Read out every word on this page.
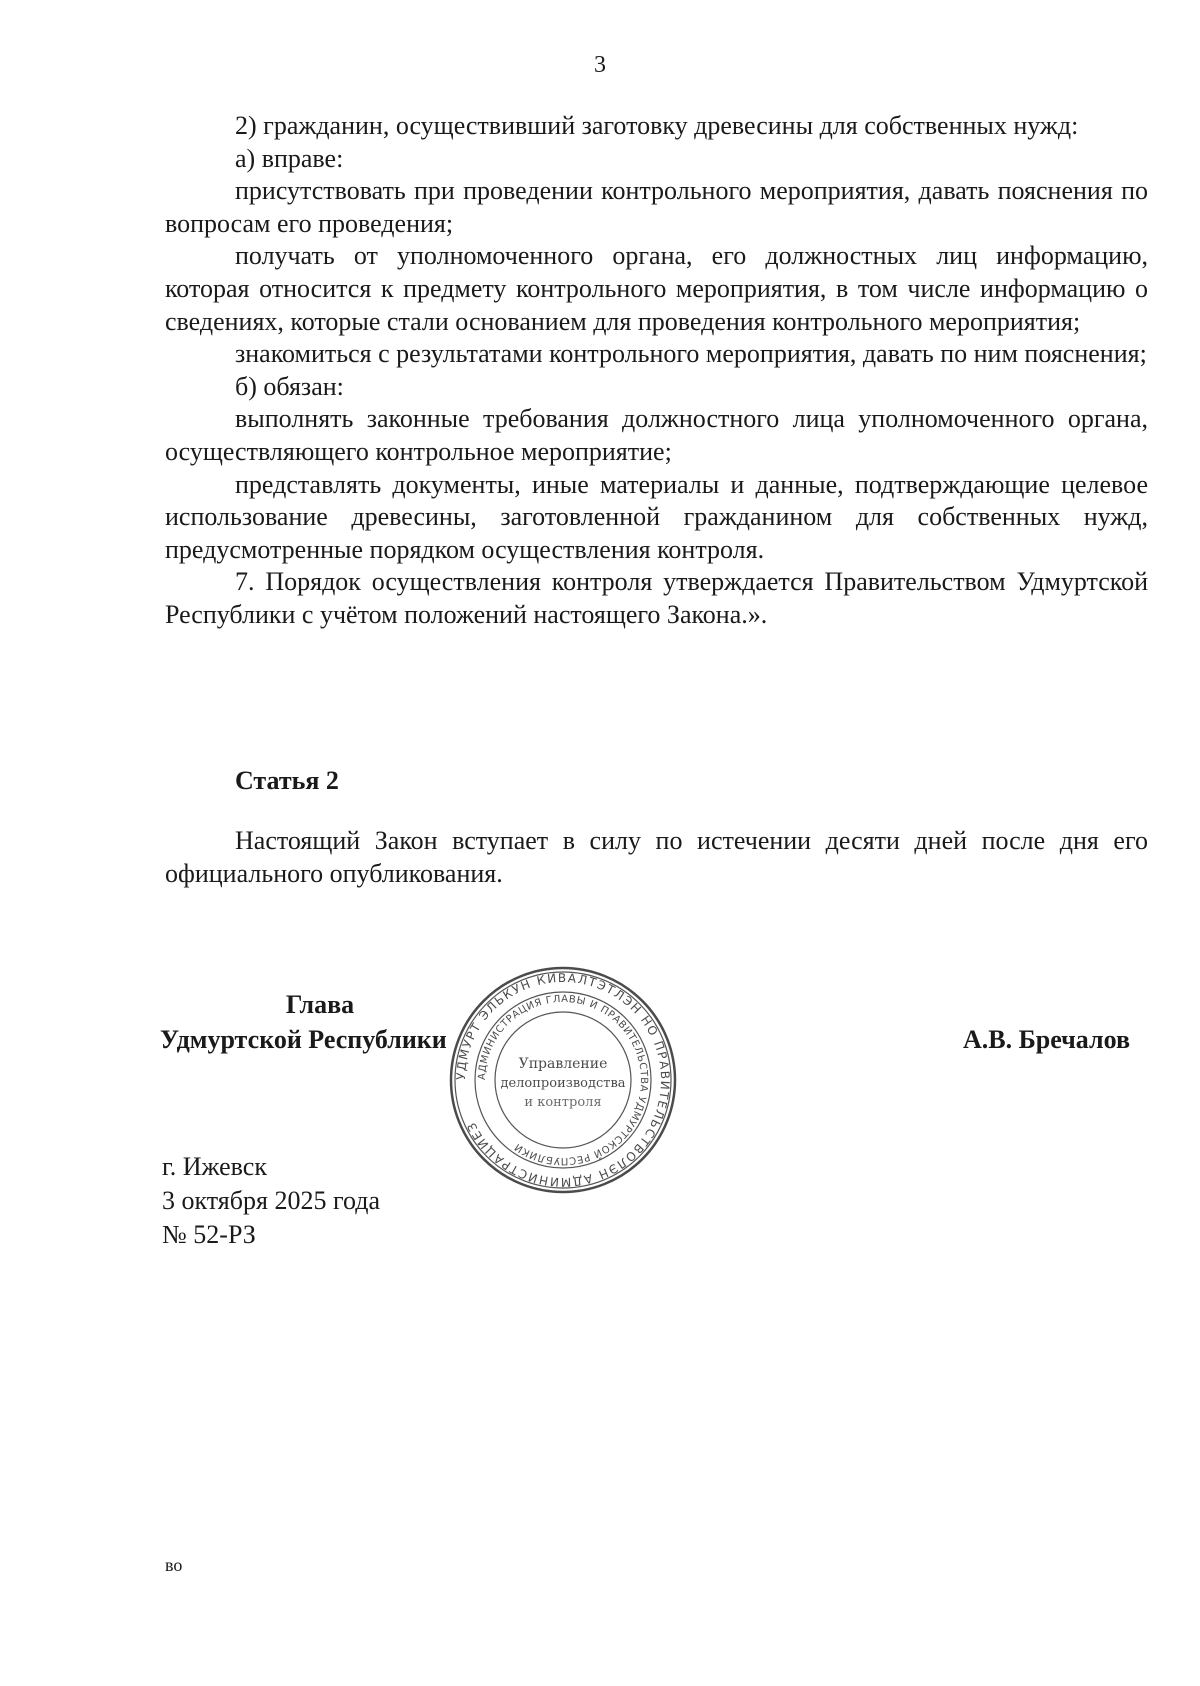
3

2) гражданин, осуществивший заготовку древесины для собственных нужд:

а) вправе:

присутствовать при проведении контрольного мероприятия, давать пояснения по вопросам его проведения;

получать от уполномоченного органа, его должностных лиц информацию, которая относится к предмету контрольного мероприятия, в том числе информацию о сведениях, которые стали основанием для проведения контрольного мероприятия;

знакомиться с результатами контрольного мероприятия, давать по ним пояснения;

б) обязан:

выполнять законные требования должностного лица уполномоченного органа, осуществляющего контрольное мероприятие;

представлять документы, иные материалы и данные, подтверждающие целевое использование древесины, заготовленной гражданином для собственных нужд, предусмотренные порядком осуществления контроля.

7. Порядок осуществления контроля утверждается Правительством Удмуртской Республики с учётом положений настоящего Закона.».

Статья 2

Настоящий Закон вступает в силу по истечении десяти дней после дня его официального опубликования.

Глава
Удмуртской Республики	А.В. Бречалов
УДМУРТ ЭЛЬКУН КИВАЛТЭТЛЭН НО ПРАВИТЕЛЬСТВОЛЭН АДМИНИСТРАЦИЕЗ
АДМИНИСТРАЦИЯ ГЛАВЫ И ПРАВИТЕЛЬСТВА УДМУРТСКОЙ РЕСПУБЛИКИ
Управление
делопроизводства
и контроля
г. Ижевск
3 октября 2025 года
№ 52-РЗ
во
